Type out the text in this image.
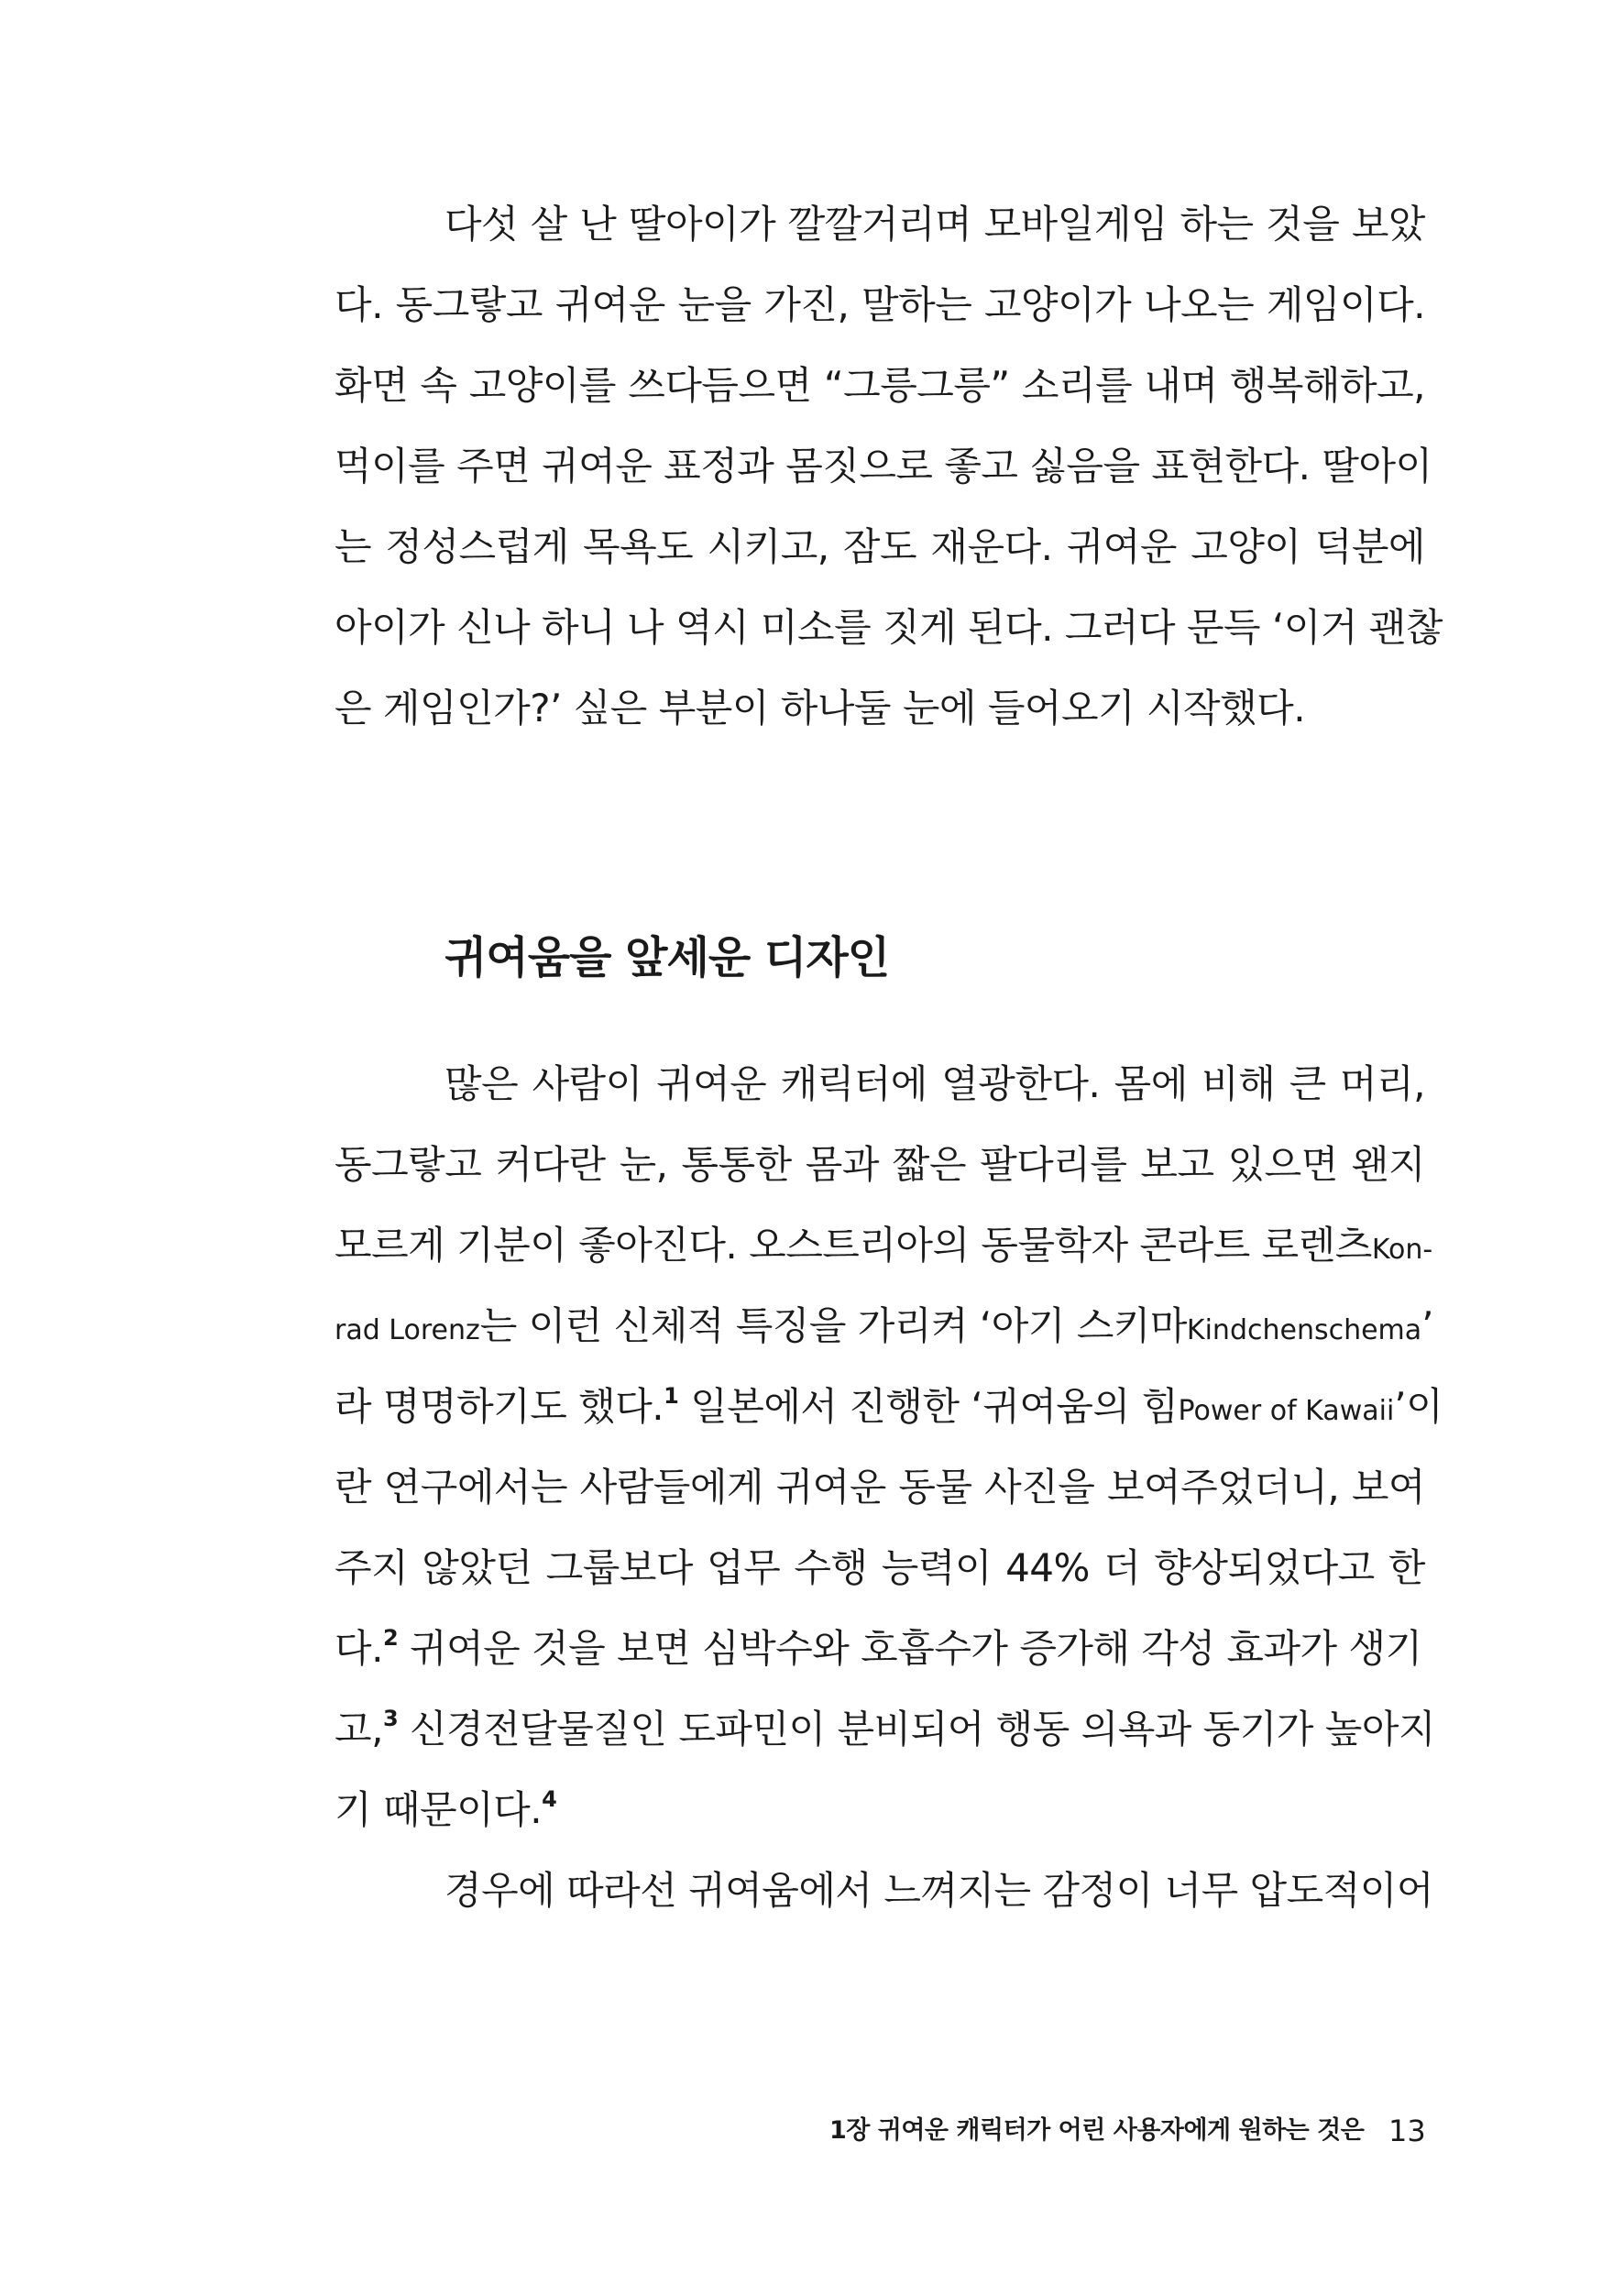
다섯 살 난 딸아이가 깔깔거리며 모바일게임 하는 것을 보았
다. 동그랗고 귀여운 눈을 가진, 말하는 고양이가 나오는 게임이다.
화면 속 고양이를 쓰다듬으면 “그릉그릉” 소리를 내며 행복해하고,
먹이를 주면 귀여운 표정과 몸짓으로 좋고 싫음을 표현한다. 딸아이
는 정성스럽게 목욕도 시키고, 잠도 재운다. 귀여운 고양이 덕분에
아이가 신나 하니 나 역시 미소를 짓게 된다. 그러다 문득 ‘이거 괜찮
은 게임인가?’ 싶은 부분이 하나둘 눈에 들어오기 시작했다.
귀여움을 앞세운 디자인
많은 사람이 귀여운 캐릭터에 열광한다. 몸에 비해 큰 머리,
동그랗고 커다란 눈, 통통한 몸과 짧은 팔다리를 보고 있으면 왠지
모르게 기분이 좋아진다. 오스트리아의 동물학자 콘라트 로렌츠Kon-
rad Lorenz는 이런 신체적 특징을 가리켜 ‘아기 스키마Kindchenschema’
라 명명하기도 했다.$^1$ 일본에서 진행한 ‘귀여움의 힘Power of Kawaii’이
란 연구에서는 사람들에게 귀여운 동물 사진을 보여주었더니, 보여
주지 않았던 그룹보다 업무 수행 능력이 44% 더 향상되었다고 한
다.$^2$ 귀여운 것을 보면 심박수와 호흡수가 증가해 각성 효과가 생기
고,$^3$ 신경전달물질인 도파민이 분비되어 행동 의욕과 동기가 높아지
기 때문이다.$^4$
경우에 따라선 귀여움에서 느껴지는 감정이 너무 압도적이어
1장 귀여운 캐릭터가 어린 사용자에게 원하는 것은 13
